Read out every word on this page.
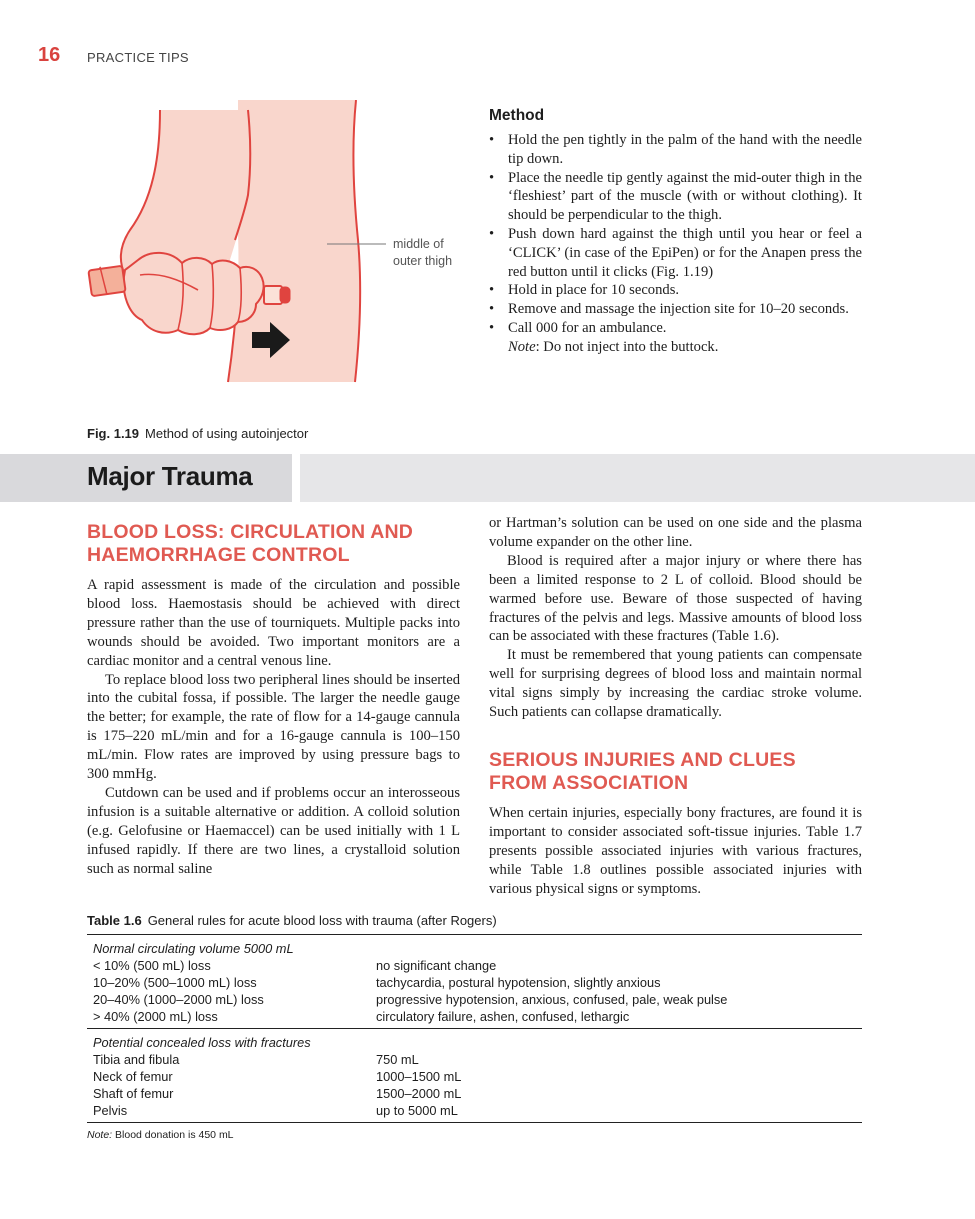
16 PRACTICE TIPS
middle of
outer thigh
Method
• Hold the pen tightly in the palm of the hand with the needle tip down.
• Place the needle tip gently against the mid-outer thigh in the ‘fleshiest’ part of the muscle (with or without clothing). It should be perpendicular to the thigh.
• Push down hard against the thigh until you hear or feel a ‘CLICK’ (in case of the EpiPen) or for the Anapen press the red button until it clicks (Fig. 1.19)
• Hold in place for 10 seconds.
• Remove and massage the injection site for 10–20 seconds.
• Call 000 for an ambulance.
Note: Do not inject into the buttock.
Fig. 1.19 Method of using autoinjector
Major Trauma
BLOOD LOSS: CIRCULATION AND
HAEMORRHAGE CONTROL

A rapid assessment is made of the circulation and possible blood loss. Haemostasis should be achieved with direct pressure rather than the use of tourniquets. Multiple packs into wounds should be avoided. Two important monitors are a cardiac monitor and a central venous line.

To replace blood loss two peripheral lines should be inserted into the cubital fossa, if possible. The larger the needle gauge the better; for example, the rate of flow for a 14-gauge cannula is 175–220 mL/min and for a 16-gauge cannula is 100–150 mL/min. Flow rates are improved by using pressure bags to 300 mmHg.

Cutdown can be used and if problems occur an interosseous infusion is a suitable alternative or addition. A colloid solution (e.g. Gelofusine or Haemaccel) can be used initially with 1 L infused rapidly. If there are two lines, a crystalloid solution such as normal saline

or Hartman’s solution can be used on one side and the plasma volume expander on the other line.

Blood is required after a major injury or where there has been a limited response to 2 L of colloid. Blood should be warmed before use. Beware of those suspected of having fractures of the pelvis and legs. Massive amounts of blood loss can be associated with these fractures (Table 1.6).

It must be remembered that young patients can compensate well for surprising degrees of blood loss and maintain normal vital signs simply by increasing the cardiac stroke volume. Such patients can collapse dramatically.

SERIOUS INJURIES AND CLUES
FROM ASSOCIATION

When certain injuries, especially bony fractures, are found it is important to consider associated soft-tissue injuries. Table 1.7 presents possible associated injuries with various fractures, while Table 1.8 outlines possible associated injuries with various physical signs or symptoms.

Table 1.6 General rules for acute blood loss with trauma (after Rogers)
Normal circulating volume 5000 mL
< 10% (500 mL) loss	no significant change
10–20% (500–1000 mL) loss	tachycardia, postural hypotension, slightly anxious
20–40% (1000–2000 mL) loss	progressive hypotension, anxious, confused, pale, weak pulse
> 40% (2000 mL) loss	circulatory failure, ashen, confused, lethargic
Potential concealed loss with fractures
Tibia and fibula	750 mL
Neck of femur	1000–1500 mL
Shaft of femur	1500–2000 mL
Pelvis	up to 5000 mL
Note: Blood donation is 450 mL
